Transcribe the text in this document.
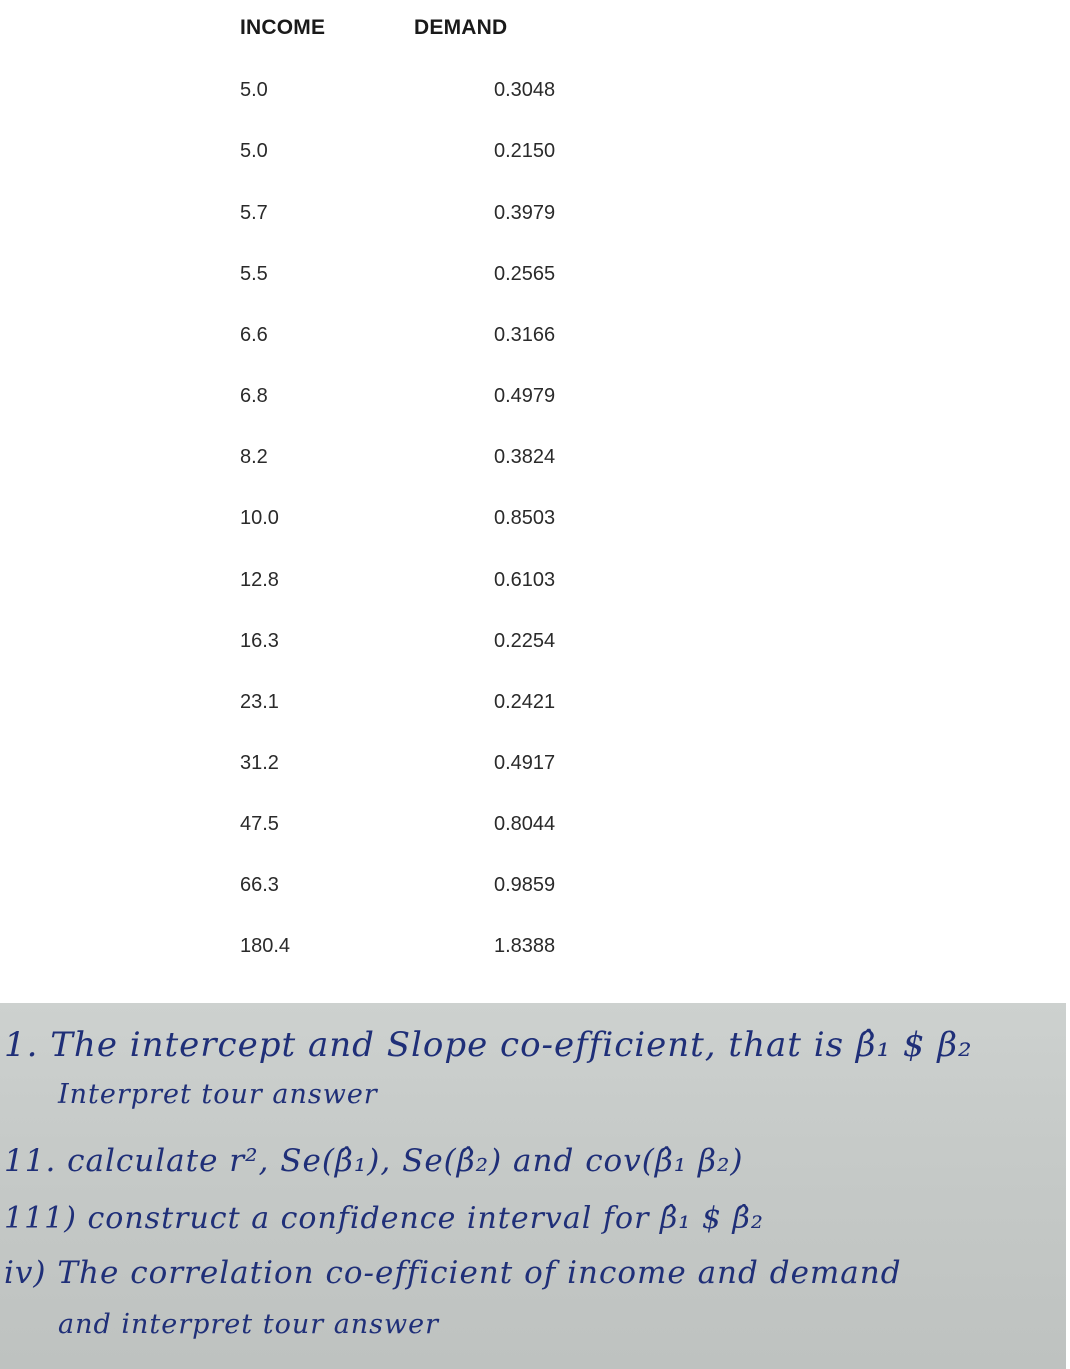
INCOME	DEMAND
5.0	0.3048
5.0	0.2150
5.7	0.3979
5.5	0.2565
6.6	0.3166
6.8	0.4979
8.2	0.3824
10.0	0.8503
12.8	0.6103
16.3	0.2254
23.1	0.2421
31.2	0.4917
47.5	0.8044
66.3	0.9859
180.4	1.8388
1. The intercept and Slope co-efficient, that is β̂₁ $ β₂
Interpret tour answer
11. calculate r², Se(β̂₁), Se(β̂₂) and cov(β̂₁ β₂)
111) construct a confidence interval for β̂₁ $ β̂₂
iv) The correlation co-efficient of income and demand
and interpret tour answer
